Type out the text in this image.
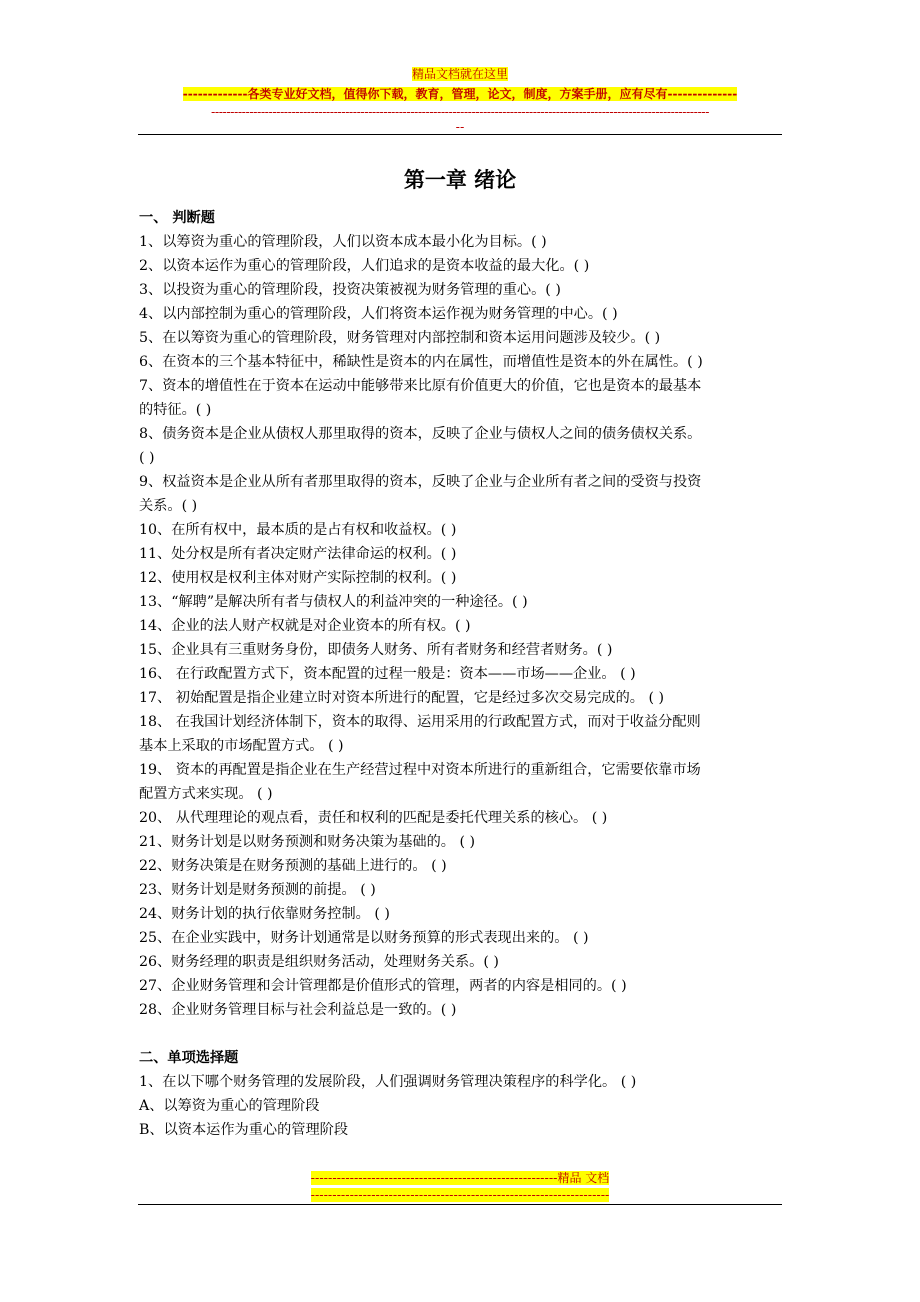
精品文档就在这里
-------------各类专业好文档，值得你下载，教育，管理，论文，制度，方案手册，应有尽有--------------
----------------------------------------------------------------------------------------------------------------------------------
--
第一章 绪论
一、 判断题
1、以筹资为重心的管理阶段，人们以资本成本最小化为目标。( )
2、以资本运作为重心的管理阶段，人们追求的是资本收益的最大化。( )
3、以投资为重心的管理阶段，投资决策被视为财务管理的重心。( )
4、以内部控制为重心的管理阶段，人们将资本运作视为财务管理的中心。( )
5、在以筹资为重心的管理阶段，财务管理对内部控制和资本运用问题涉及较少。( )
6、在资本的三个基本特征中，稀缺性是资本的内在属性，而增值性是资本的外在属性。( )
7、资本的增值性在于资本在运动中能够带来比原有价值更大的价值，它也是资本的最基本
的特征。( )
8、债务资本是企业从债权人那里取得的资本，反映了企业与债权人之间的债务债权关系。
( )
9、权益资本是企业从所有者那里取得的资本，反映了企业与企业所有者之间的受资与投资
关系。( )
10、在所有权中，最本质的是占有权和收益权。( )
11、处分权是所有者决定财产法律命运的权利。( )
12、使用权是权利主体对财产实际控制的权利。( )
13、“解聘”是解决所有者与债权人的利益冲突的一种途径。( )
14、企业的法人财产权就是对企业资本的所有权。( )
15、企业具有三重财务身份，即债务人财务、所有者财务和经营者财务。( )
16、 在行政配置方式下，资本配置的过程一般是：资本——市场——企业。 ( )
17、 初始配置是指企业建立时对资本所进行的配置，它是经过多次交易完成的。 ( )
18、 在我国计划经济体制下，资本的取得、运用采用的行政配置方式，而对于收益分配则
基本上采取的市场配置方式。 ( )
19、 资本的再配置是指企业在生产经营过程中对资本所进行的重新组合，它需要依靠市场
配置方式来实现。 ( )
20、 从代理理论的观点看，责任和权利的匹配是委托代理关系的核心。 ( )
21、财务计划是以财务预测和财务决策为基础的。 ( )
22、财务决策是在财务预测的基础上进行的。 ( )
23、财务计划是财务预测的前提。 ( )
24、财务计划的执行依靠财务控制。 ( )
25、在企业实践中，财务计划通常是以财务预算的形式表现出来的。 ( )
26、财务经理的职责是组织财务活动，处理财务关系。( )
27、企业财务管理和会计管理都是价值形式的管理，两者的内容是相同的。( )
28、企业财务管理目标与社会利益总是一致的。( )
二、单项选择题
1、在以下哪个财务管理的发展阶段，人们强调财务管理决策程序的科学化。 ( )
A、以筹资为重心的管理阶段
B、以资本运作为重心的管理阶段
---------------------------------------------------------精品 文档
---------------------------------------------------------------------
